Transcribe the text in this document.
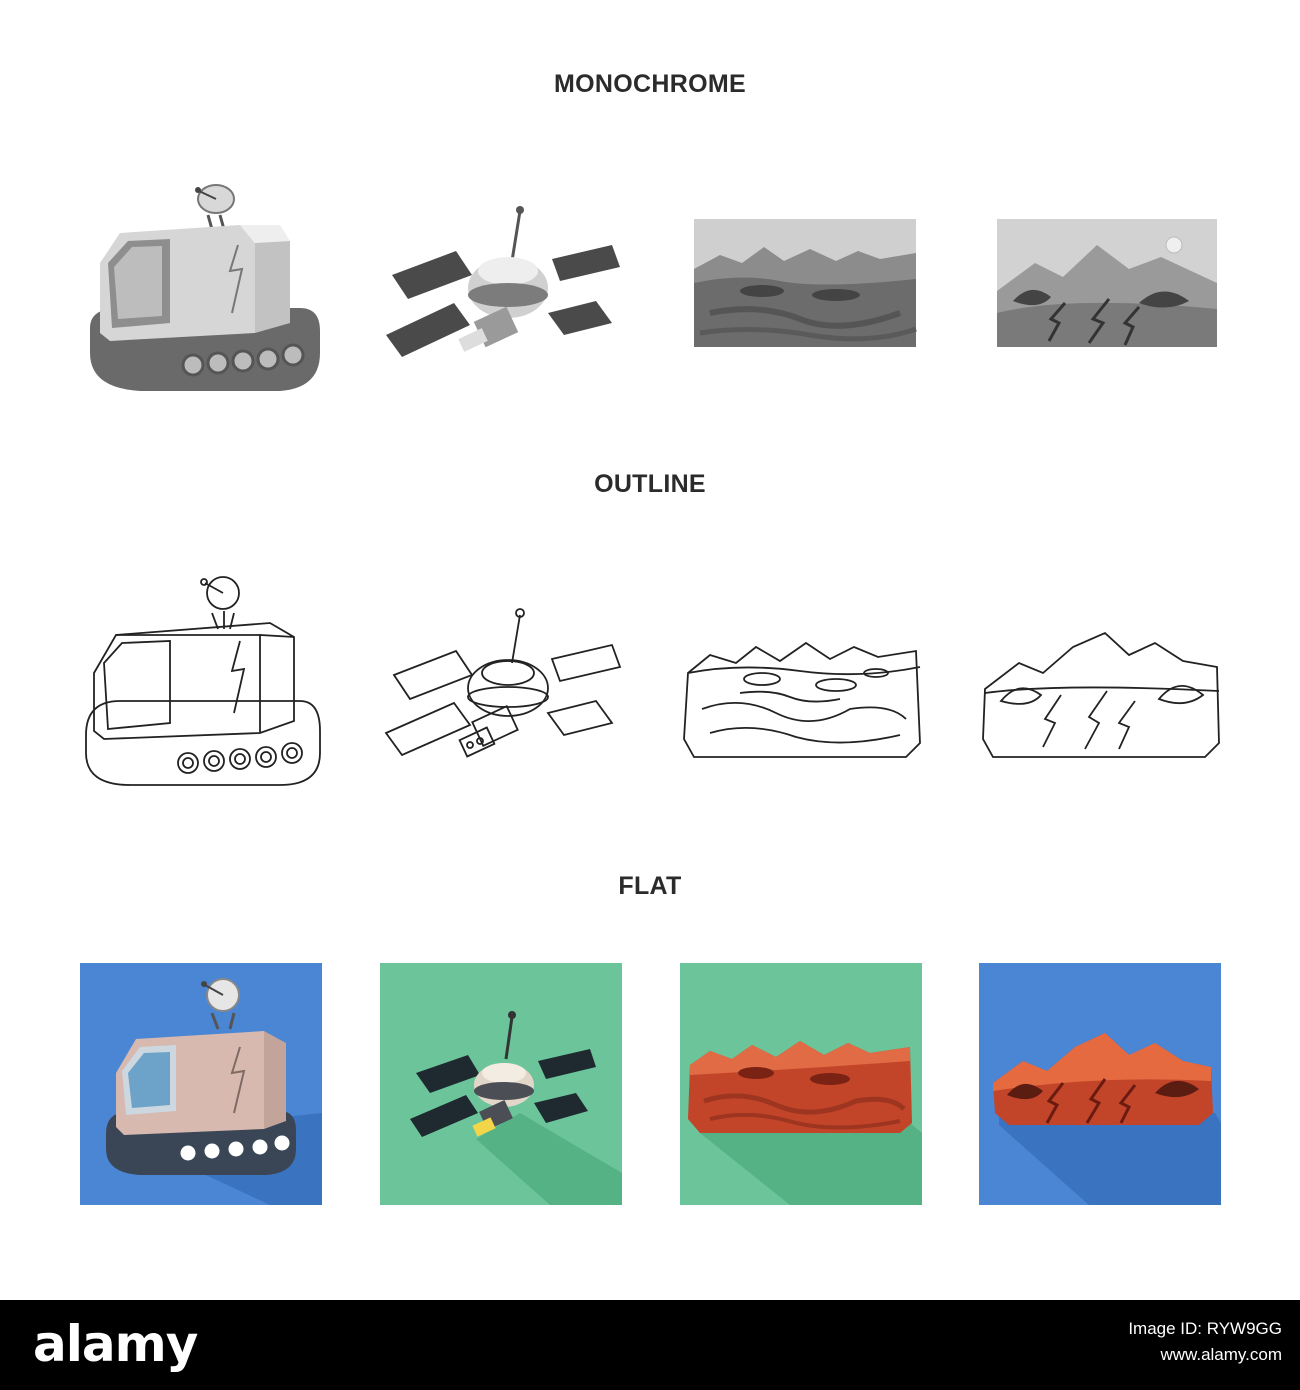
MONOCHROME
OUTLINE
FLAT
alamy	Image ID: RYW9GG
www.alamy.com
